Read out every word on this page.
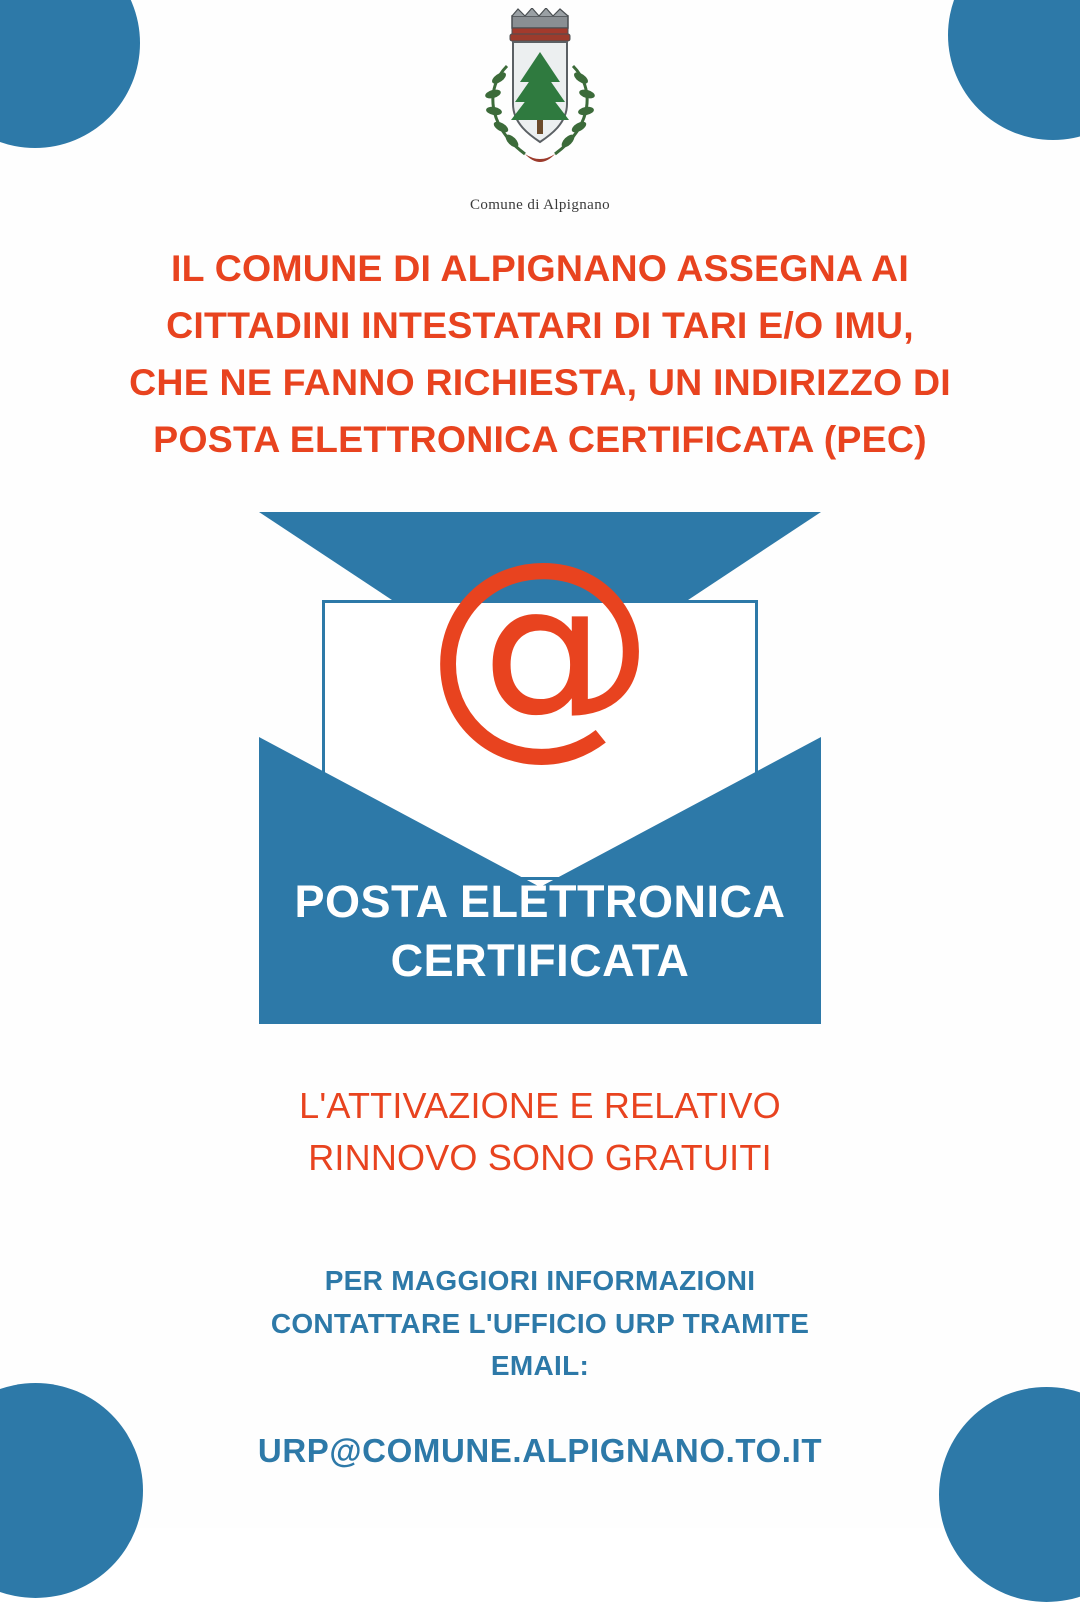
Comune di Alpignano
IL COMUNE DI ALPIGNANO ASSEGNA AI
CITTADINI INTESTATARI DI TARI E/O IMU,
CHE NE FANNO RICHIESTA, UN INDIRIZZO DI
POSTA ELETTRONICA CERTIFICATA (PEC)
@
POSTA ELETTRONICA
CERTIFICATA
L'ATTIVAZIONE E RELATIVO
RINNOVO SONO GRATUITI
PER MAGGIORI INFORMAZIONI
CONTATTARE L'UFFICIO URP TRAMITE
EMAIL:
URP@COMUNE.ALPIGNANO.TO.IT
